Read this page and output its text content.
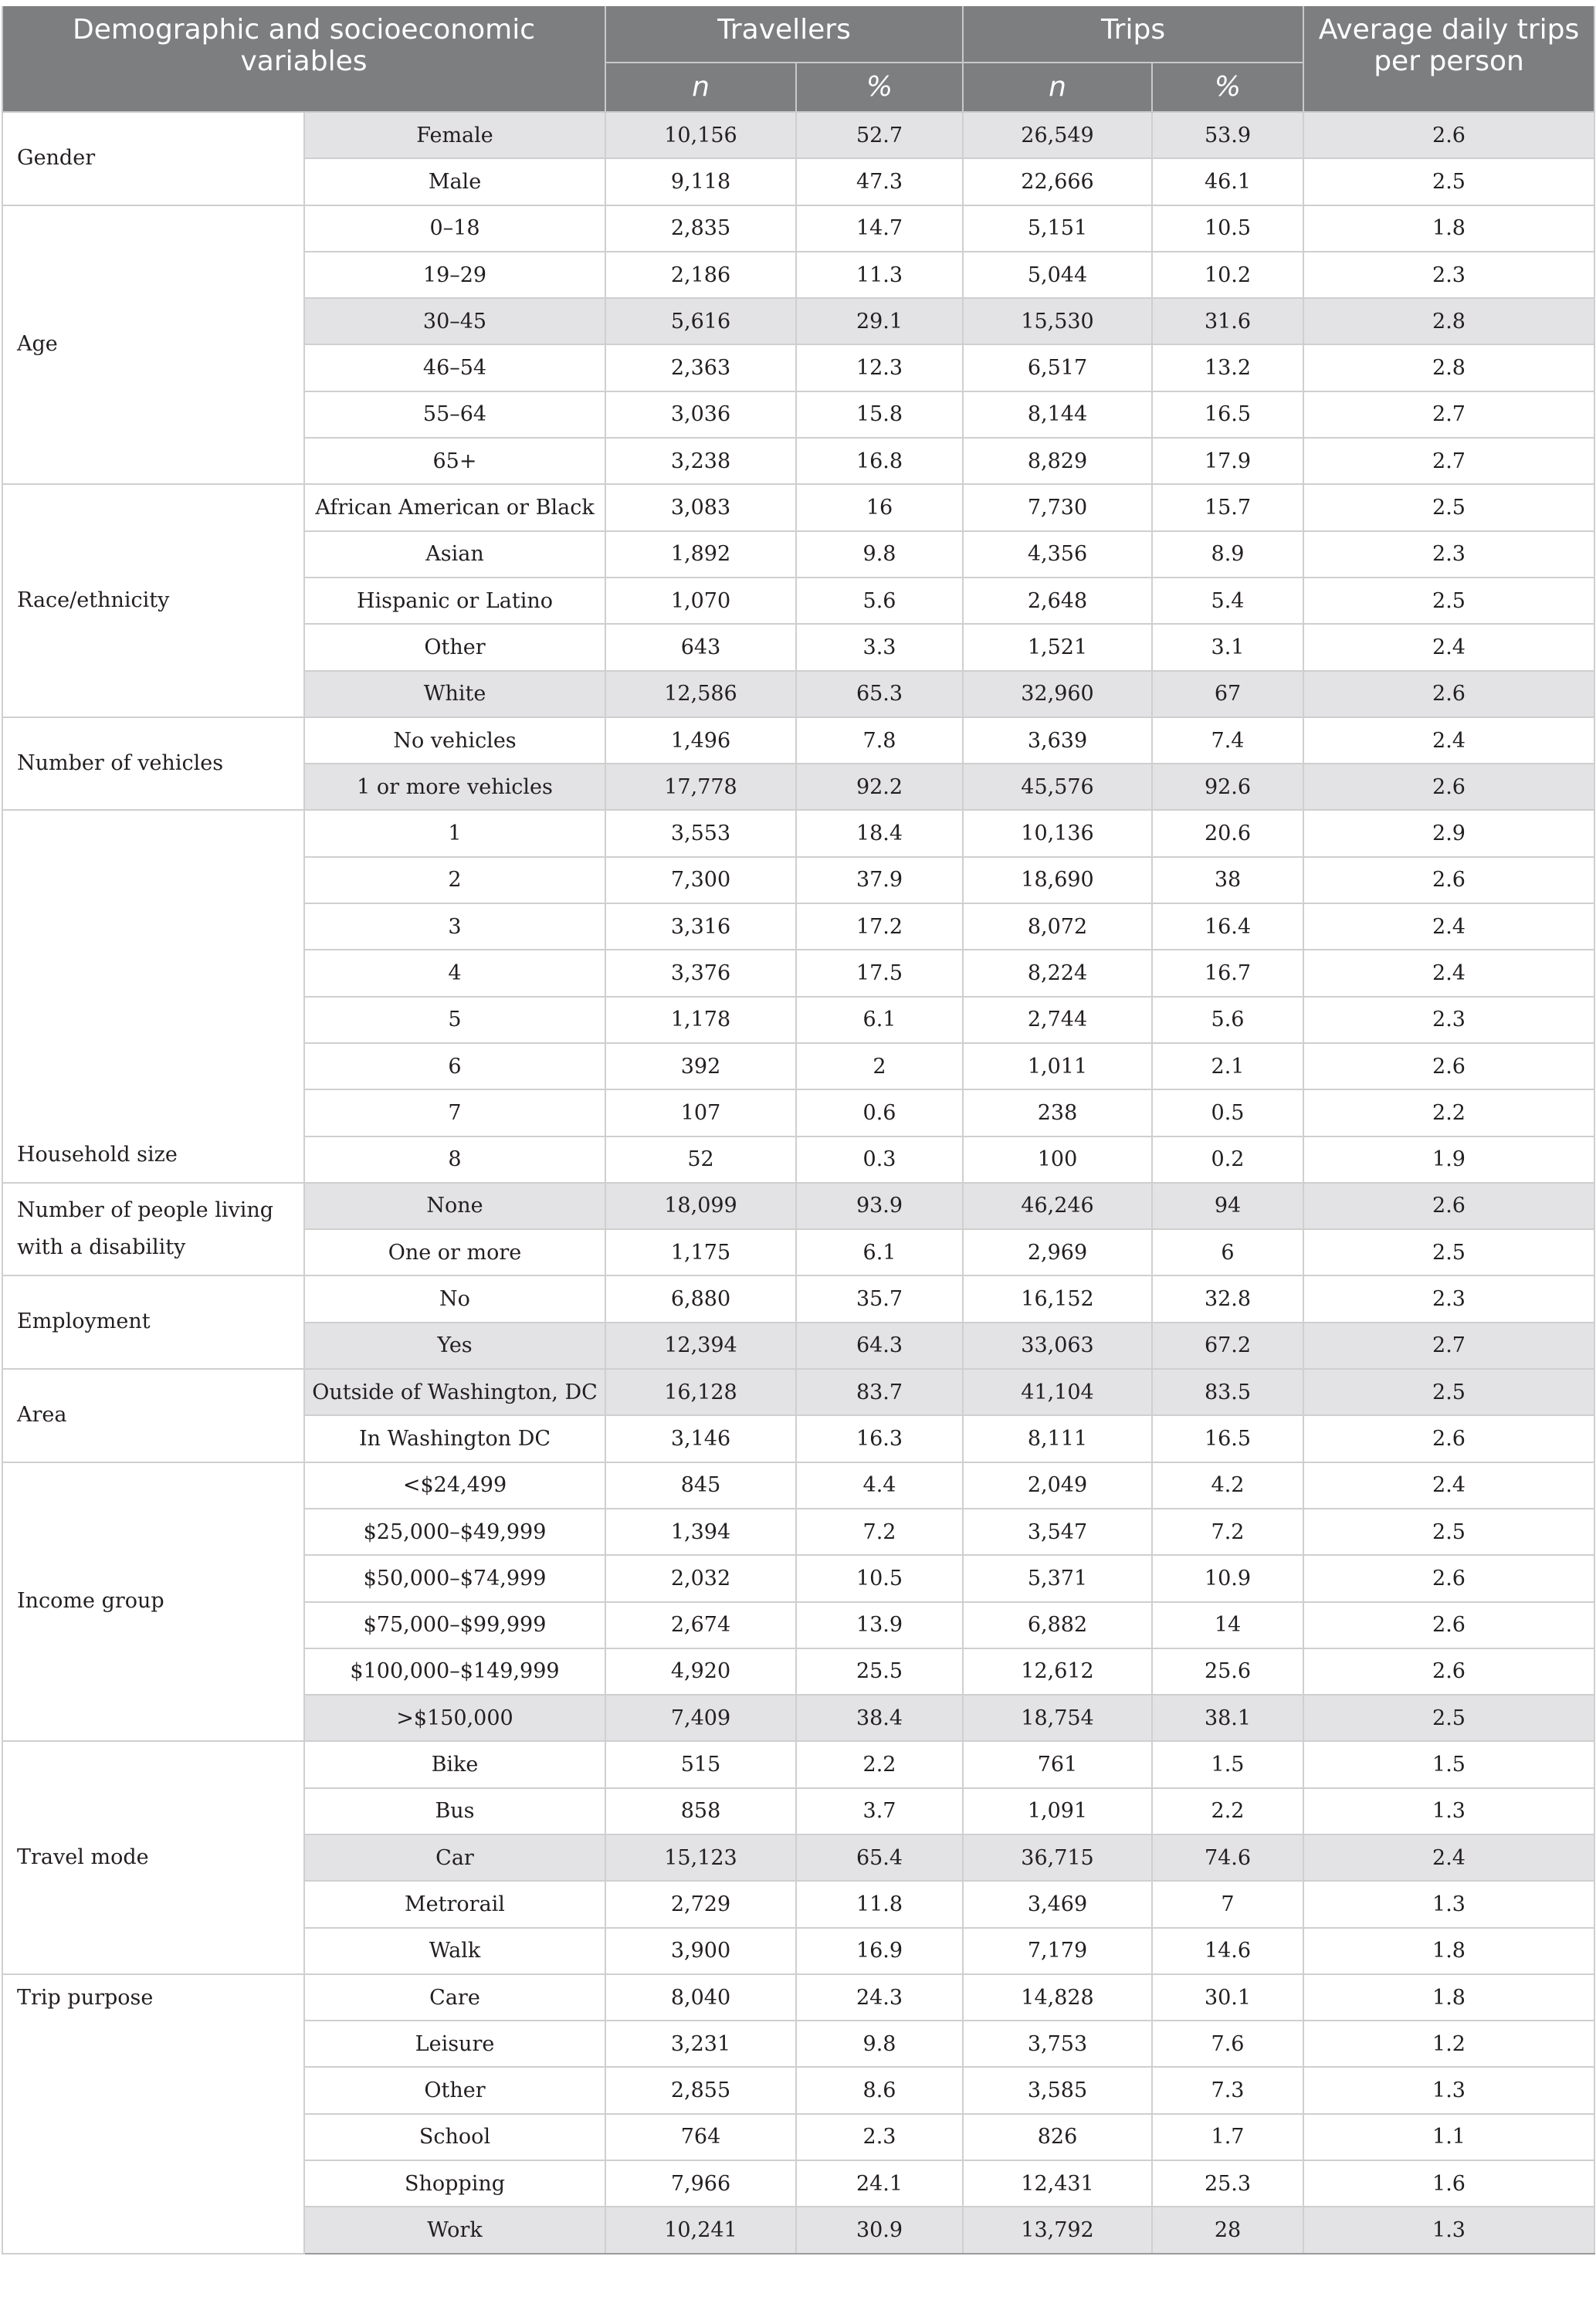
Demographic and socioeconomic variables		Travellers		Trips		Average daily trips per person
		n	%	n	%	
Gender	Female	10,156	52.7	26,549	53.9	2.6
	Male	9,118	47.3	22,666	46.1	2.5
Age	0–18	2,835	14.7	5,151	10.5	1.8
	19–29	2,186	11.3	5,044	10.2	2.3
	30–45	5,616	29.1	15,530	31.6	2.8
	46–54	2,363	12.3	6,517	13.2	2.8
	55–64	3,036	15.8	8,144	16.5	2.7
	65+	3,238	16.8	8,829	17.9	2.7
Race/ethnicity	African American or Black	3,083	16	7,730	15.7	2.5
	Asian	1,892	9.8	4,356	8.9	2.3
	Hispanic or Latino	1,070	5.6	2,648	5.4	2.5
	Other	643	3.3	1,521	3.1	2.4
	White	12,586	65.3	32,960	67	2.6
Number of vehicles	No vehicles	1,496	7.8	3,639	7.4	2.4
	1 or more vehicles	17,778	92.2	45,576	92.6	2.6
Household size	1	3,553	18.4	10,136	20.6	2.9
	2	7,300	37.9	18,690	38	2.6
	3	3,316	17.2	8,072	16.4	2.4
	4	3,376	17.5	8,224	16.7	2.4
	5	1,178	6.1	2,744	5.6	2.3
	6	392	2	1,011	2.1	2.6
	7	107	0.6	238	0.5	2.2
	8	52	0.3	100	0.2	1.9
Number of people living with a disability	None	18,099	93.9	46,246	94	2.6
	One or more	1,175	6.1	2,969	6	2.5
Employment	No	6,880	35.7	16,152	32.8	2.3
	Yes	12,394	64.3	33,063	67.2	2.7
Area	Outside of Washington, DC	16,128	83.7	41,104	83.5	2.5
	In Washington DC	3,146	16.3	8,111	16.5	2.6
Income group	<$24,499	845	4.4	2,049	4.2	2.4
	$25,000–$49,999	1,394	7.2	3,547	7.2	2.5
	$50,000–$74,999	2,032	10.5	5,371	10.9	2.6
	$75,000–$99,999	2,674	13.9	6,882	14	2.6
	$100,000–$149,999	4,920	25.5	12,612	25.6	2.6
	>$150,000	7,409	38.4	18,754	38.1	2.5
Travel mode	Bike	515	2.2	761	1.5	1.5
	Bus	858	3.7	1,091	2.2	1.3
	Car	15,123	65.4	36,715	74.6	2.4
	Metrorail	2,729	11.8	3,469	7	1.3
	Walk	3,900	16.9	7,179	14.6	1.8
Trip purpose	Care	8,040	24.3	14,828	30.1	1.8
	Leisure	3,231	9.8	3,753	7.6	1.2
	Other	2,855	8.6	3,585	7.3	1.3
	School	764	2.3	826	1.7	1.1
	Shopping	7,966	24.1	12,431	25.3	1.6
	Work	10,241	30.9	13,792	28	1.3
